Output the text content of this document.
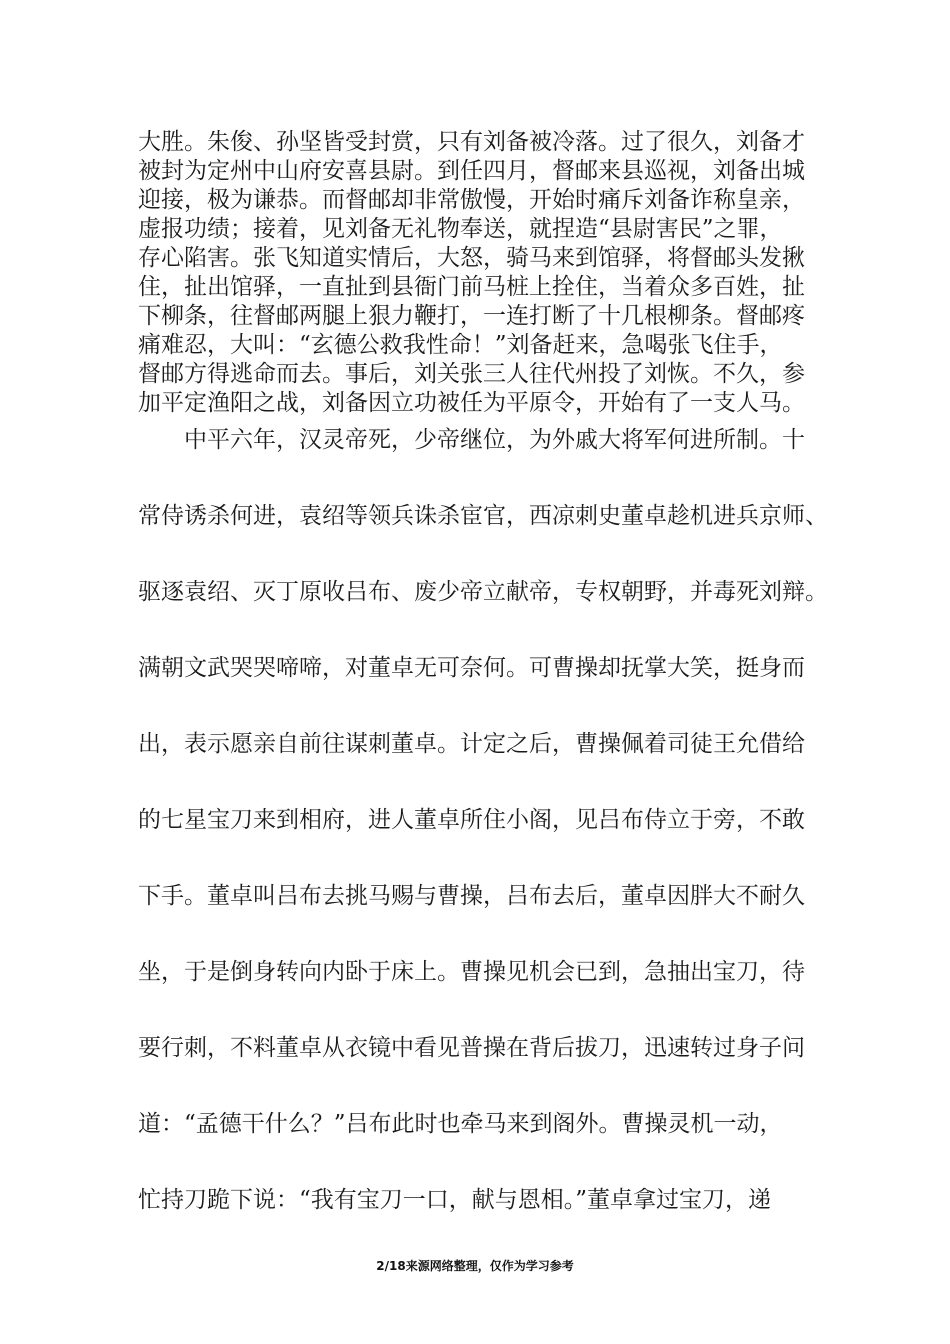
大胜。朱俊、孙坚皆受封赏，只有刘备被冷落。过了很久，刘备才
被封为定州中山府安喜县尉。到任四月，督邮来县巡视，刘备出城
迎接，极为谦恭。而督邮却非常傲慢，开始时痛斥刘备诈称皇亲，
虚报功绩；接着，见刘备无礼物奉送，就捏造“县尉害民”之罪，
存心陷害。张飞知道实情后，大怒，骑马来到馆驿，将督邮头发揪
住，扯出馆驿，一直扯到县衙门前马桩上拴住，当着众多百姓，扯
下柳条，往督邮两腿上狠力鞭打，一连打断了十几根柳条。督邮疼
痛难忍，大叫：“玄德公救我性命！”刘备赶来，急喝张飞住手，
督邮方得逃命而去。事后，刘关张三人往代州投了刘恢。不久，参
加平定渔阳之战，刘备因立功被任为平原令，开始有了一支人马。
　　中平六年，汉灵帝死，少帝继位，为外戚大将军何进所制。十
常侍诱杀何进，袁绍等领兵诛杀宦官，西凉刺史董卓趁机进兵京师、
驱逐袁绍、灭丁原收吕布、废少帝立献帝，专权朝野，并毒死刘辩。
满朝文武哭哭啼啼，对董卓无可奈何。可曹操却抚掌大笑，挺身而
出，表示愿亲自前往谋刺董卓。计定之后，曹操佩着司徒王允借给
的七星宝刀来到相府，进人董卓所住小阁，见吕布侍立于旁，不敢
下手。董卓叫吕布去挑马赐与曹操，吕布去后，董卓因胖大不耐久
坐，于是倒身转向内卧于床上。曹操见机会已到，急抽出宝刀，待
要行刺，不料董卓从衣镜中看见普操在背后拔刀，迅速转过身子问
道：“孟德干什么？”吕布此时也牵马来到阁外。曹操灵机一动，
忙持刀跪下说：“我有宝刀一口，献与恩相。”董卓拿过宝刀，递
2/18来源网络整理，仅作为学习参考
